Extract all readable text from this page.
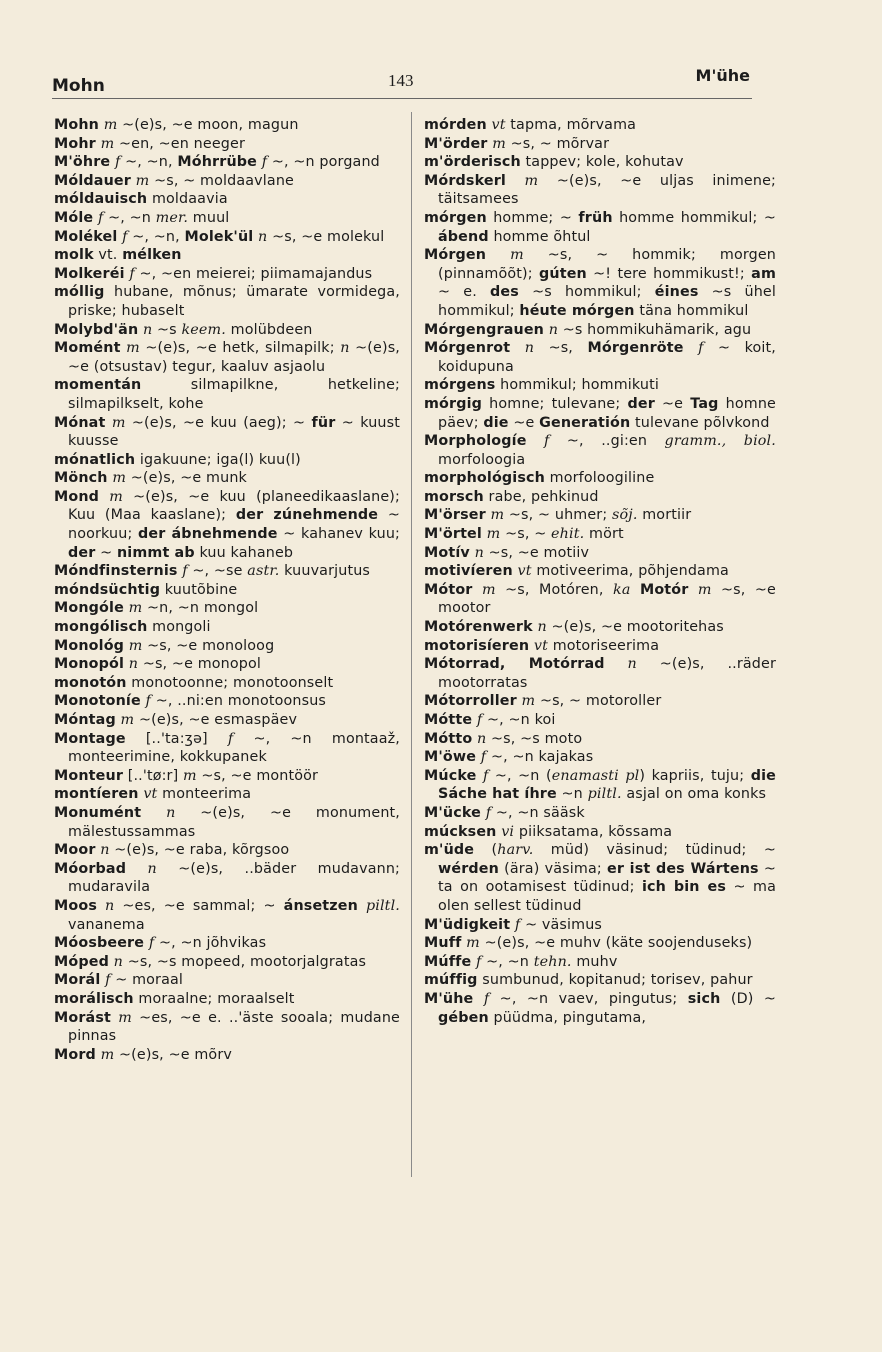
Mohn	143	M'ühe
Mohn m ~(e)s, ~e moon, magun
Mohr m ~en, ~en neeger
M'öhre f ~, ~n, Móhrrübe f ~, ~n porgand
Móldauer m ~s, ~ moldaavlane
móldauisch moldaavia
Móle f ~, ~n mer. muul
Molékel f ~, ~n, Molek'ül n ~s, ~e molekul
molk vt. mélken
Molkeréi f ~, ~en meierei; piimamajandus
móllig hubane, mõnus; ümarate vormidega, priske; hubaselt
Molybd'än n ~s keem. molübdeen
Momént m ~(e)s, ~e hetk, silmapilk; n ~(e)s, ~e (otsustav) tegur, kaaluv asjaolu
momentán silmapilkne, hetkeline; silmapilkselt, kohe
Mónat m ~(e)s, ~e kuu (aeg); ~ für ~ kuust kuusse
mónatlich igakuune; iga(l) kuu(l)
Mönch m ~(e)s, ~e munk
Mond m ~(e)s, ~e kuu (planeedikaaslane); Kuu (Maa kaaslane); der zúnehmende ~ noorkuu; der ábnehmende ~ kahanev kuu; der ~ nimmt ab kuu kahaneb
Móndfinsternis f ~, ~se astr. kuuvarjutus
móndsüchtig kuutõbine
Mongóle m ~n, ~n mongol
mongólisch mongoli
Monológ m ~s, ~e monoloog
Monopól n ~s, ~e monopol
monotón monotoonne; monotoonselt
Monotoníe f ~, ..ni:en monotoonsus
Móntag m ~(e)s, ~e esmaspäev
Montage [..'ta:ʒə] f ~, ~n montaaž, monteerimine, kokkupanek
Monteur [..'tø:r] m ~s, ~e montöör
montíeren vt monteerima
Monumént n ~(e)s, ~e monument, mälestussammas
Moor n ~(e)s, ~e raba, kõrgsoo
Móorbad n ~(e)s, ..bäder mudavann; mudaravila
Moos n ~es, ~e sammal; ~ ánsetzen piltl. vananema
Móosbeere f ~, ~n jõhvikas
Móped n ~s, ~s mopeed, mootorjalgratas
Morál f ~ moraal
morálisch moraalne; moraalselt
Morást m ~es, ~e e. ..'äste sooala; mudane pinnas
Mord m ~(e)s, ~e mõrv
mórden vt tapma, mõrvama
M'örder m ~s, ~ mõrvar
m'örderisch tappev; kole, kohutav
Mórdskerl m ~(e)s, ~e uljas inimene; täitsamees
mórgen homme; ~ früh homme hommikul; ~ ábend homme õhtul
Mórgen m ~s, ~ hommik; morgen (pinnamõõt); gúten ~! tere hommikust!; am ~ e. des ~s hommikul; éines ~s ühel hommikul; héute mórgen täna hommikul
Mórgengrauen n ~s hommikuhämarik, agu
Mórgenrot n ~s, Mórgenröte f ~ koit, koidupuna
mórgens hommikul; hommikuti
mórgig homne; tulevane; der ~e Tag homne päev; die ~e Generatión tulevane põlvkond
Morphologíe f ~, ..gi:en gramm., biol. morfoloogia
morphológisch morfoloogiline
morsch rabe, pehkinud
M'örser m ~s, ~ uhmer; sõj. mortiir
M'örtel m ~s, ~ ehit. mört
Motív n ~s, ~e motiiv
motivíeren vt motiveerima, põhjendama
Mótor m ~s, Motóren, ka Motór m ~s, ~e mootor
Motórenwerk n ~(e)s, ~e mootoritehas
motorisíeren vt motoriseerima
Mótorrad, Motórrad n ~(e)s, ..räder mootorratas
Mótorroller m ~s, ~ motoroller
Mótte f ~, ~n koi
Mótto n ~s, ~s moto
M'öwe f ~, ~n kajakas
Múcke f ~, ~n (enamasti pl) kapriis, tuju; die Sáche hat íhre ~n piltl. asjal on oma konks
M'ücke f ~, ~n sääsk
múcksen vi piiksatama, kõssama
m'üde (harv. müd) väsinud; tüdinud; ~ wérden (ära) väsima; er ist des Wártens ~ ta on ootamisest tüdinud; ich bin es ~ ma olen sellest tüdinud
M'üdigkeit f ~ väsimus
Muff m ~(e)s, ~e muhv (käte soojenduseks)
Múffe f ~, ~n tehn. muhv
múffig sumbunud, kopitanud; torisev, pahur
M'ühe f ~, ~n vaev, pingutus; sich (D) ~ gében püüdma, pingutama,
